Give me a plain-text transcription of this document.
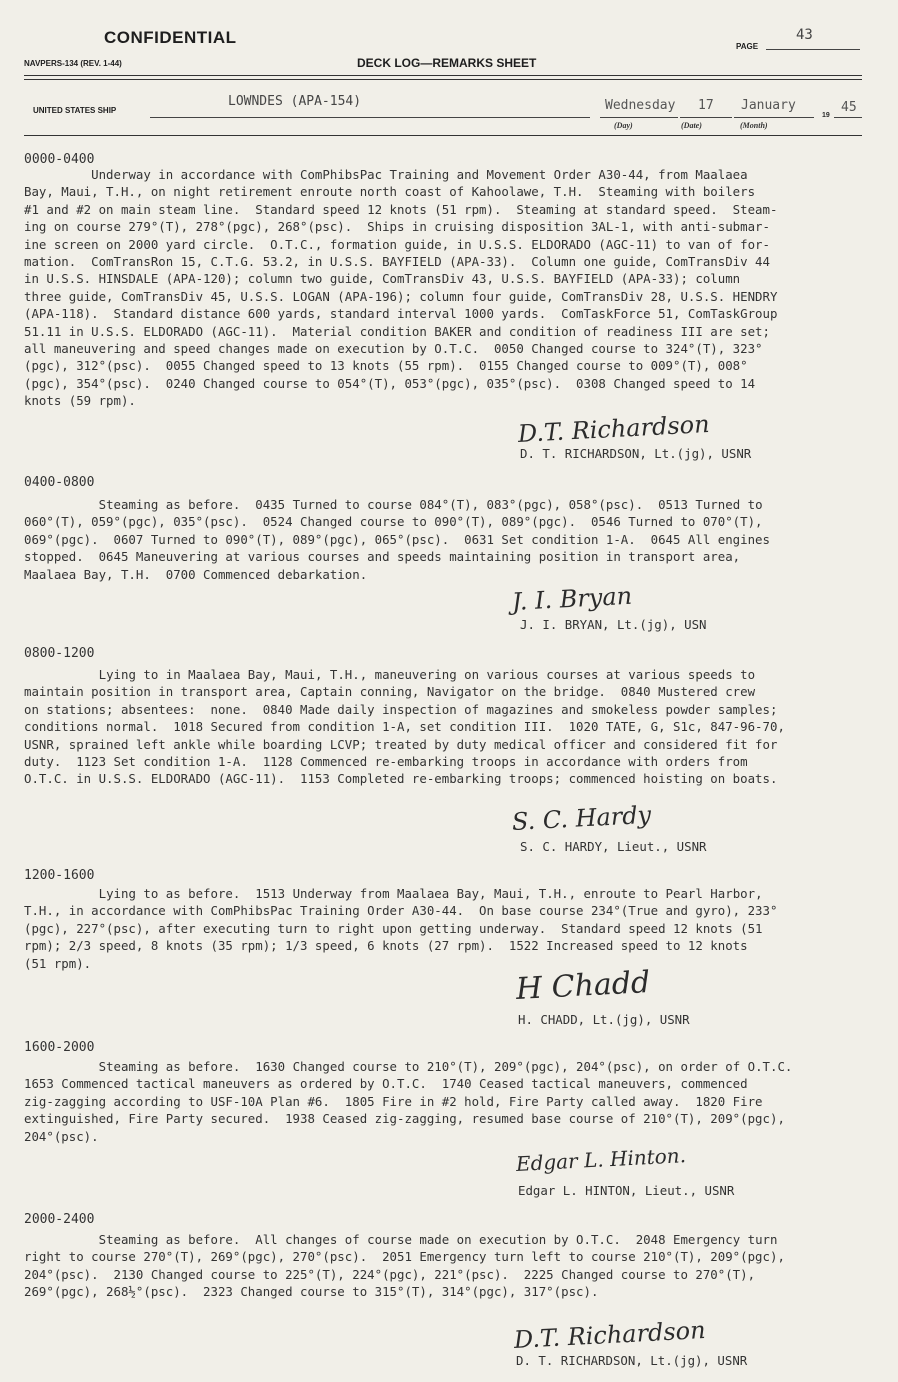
CONFIDENTIAL
NAVPERS-134 (REV. 1-44)	DECK LOG—REMARKS SHEET
PAGE
43
UNITED STATES SHIP
LOWNDES (APA-154)	Wednesday
(Day)
17
(Date)
January
(Month)
19
45
0000-0400
Underway in accordance with ComPhibsPac Training and Movement Order A30-44, from Maalaea
Bay, Maui, T.H., on night retirement enroute north coast of Kahoolawe, T.H.  Steaming with boilers
#1 and #2 on main steam line.  Standard speed 12 knots (51 rpm).  Steaming at standard speed.  Steam-
ing on course 279°(T), 278°(pgc), 268°(psc).  Ships in cruising disposition 3AL-1, with anti-submar-
ine screen on 2000 yard circle.  O.T.C., formation guide, in U.S.S. ELDORADO (AGC-11) to van of for-
mation.  ComTransRon 15, C.T.G. 53.2, in U.S.S. BAYFIELD (APA-33).  Column one guide, ComTransDiv 44
in U.S.S. HINSDALE (APA-120); column two guide, ComTransDiv 43, U.S.S. BAYFIELD (APA-33); column
three guide, ComTransDiv 45, U.S.S. LOGAN (APA-196); column four guide, ComTransDiv 28, U.S.S. HENDRY
(APA-118).  Standard distance 600 yards, standard interval 1000 yards.  ComTaskForce 51, ComTaskGroup
51.11 in U.S.S. ELDORADO (AGC-11).  Material condition BAKER and condition of readiness III are set;
all maneuvering and speed changes made on execution by O.T.C.  0050 Changed course to 324°(T), 323°
(pgc), 312°(psc).  0055 Changed speed to 13 knots (55 rpm).  0155 Changed course to 009°(T), 008°
(pgc), 354°(psc).  0240 Changed course to 054°(T), 053°(pgc), 035°(psc).  0308 Changed speed to 14
knots (59 rpm).
D.T. Richardson
D. T. RICHARDSON, Lt.(jg), USNR
0400-0800
Steaming as before.  0435 Turned to course 084°(T), 083°(pgc), 058°(psc).  0513 Turned to
060°(T), 059°(pgc), 035°(psc).  0524 Changed course to 090°(T), 089°(pgc).  0546 Turned to 070°(T),
069°(pgc).  0607 Turned to 090°(T), 089°(pgc), 065°(psc).  0631 Set condition 1-A.  0645 All engines
stopped.  0645 Maneuvering at various courses and speeds maintaining position in transport area,
Maalaea Bay, T.H.  0700 Commenced debarkation.
J. I. Bryan
J. I. BRYAN, Lt.(jg), USN
0800-1200
Lying to in Maalaea Bay, Maui, T.H., maneuvering on various courses at various speeds to
maintain position in transport area, Captain conning, Navigator on the bridge.  0840 Mustered crew
on stations; absentees:  none.  0840 Made daily inspection of magazines and smokeless powder samples;
conditions normal.  1018 Secured from condition 1-A, set condition III.  1020 TATE, G, S1c, 847-96-70,
USNR, sprained left ankle while boarding LCVP; treated by duty medical officer and considered fit for
duty.  1123 Set condition 1-A.  1128 Commenced re-embarking troops in accordance with orders from
O.T.C. in U.S.S. ELDORADO (AGC-11).  1153 Completed re-embarking troops; commenced hoisting on boats.
S. C. Hardy
S. C. HARDY, Lieut., USNR
1200-1600
Lying to as before.  1513 Underway from Maalaea Bay, Maui, T.H., enroute to Pearl Harbor,
T.H., in accordance with ComPhibsPac Training Order A30-44.  On base course 234°(True and gyro), 233°
(pgc), 227°(psc), after executing turn to right upon getting underway.  Standard speed 12 knots (51
rpm); 2/3 speed, 8 knots (35 rpm); 1/3 speed, 6 knots (27 rpm).  1522 Increased speed to 12 knots
(51 rpm).
H Chadd
H. CHADD, Lt.(jg), USNR
1600-2000
Steaming as before.  1630 Changed course to 210°(T), 209°(pgc), 204°(psc), on order of O.T.C.
1653 Commenced tactical maneuvers as ordered by O.T.C.  1740 Ceased tactical maneuvers, commenced
zig-zagging according to USF-10A Plan #6.  1805 Fire in #2 hold, Fire Party called away.  1820 Fire
extinguished, Fire Party secured.  1938 Ceased zig-zagging, resumed base course of 210°(T), 209°(pgc),
204°(psc).
Edgar L. Hinton.
Edgar L. HINTON, Lieut., USNR
2000-2400
Steaming as before.  All changes of course made on execution by O.T.C.  2048 Emergency turn
right to course 270°(T), 269°(pgc), 270°(psc).  2051 Emergency turn left to course 210°(T), 209°(pgc),
204°(psc).  2130 Changed course to 225°(T), 224°(pgc), 221°(psc).  2225 Changed course to 270°(T),
269°(pgc), 268½°(psc).  2323 Changed course to 315°(T), 314°(pgc), 317°(psc).
D.T. Richardson
D. T. RICHARDSON, Lt.(jg), USNR
